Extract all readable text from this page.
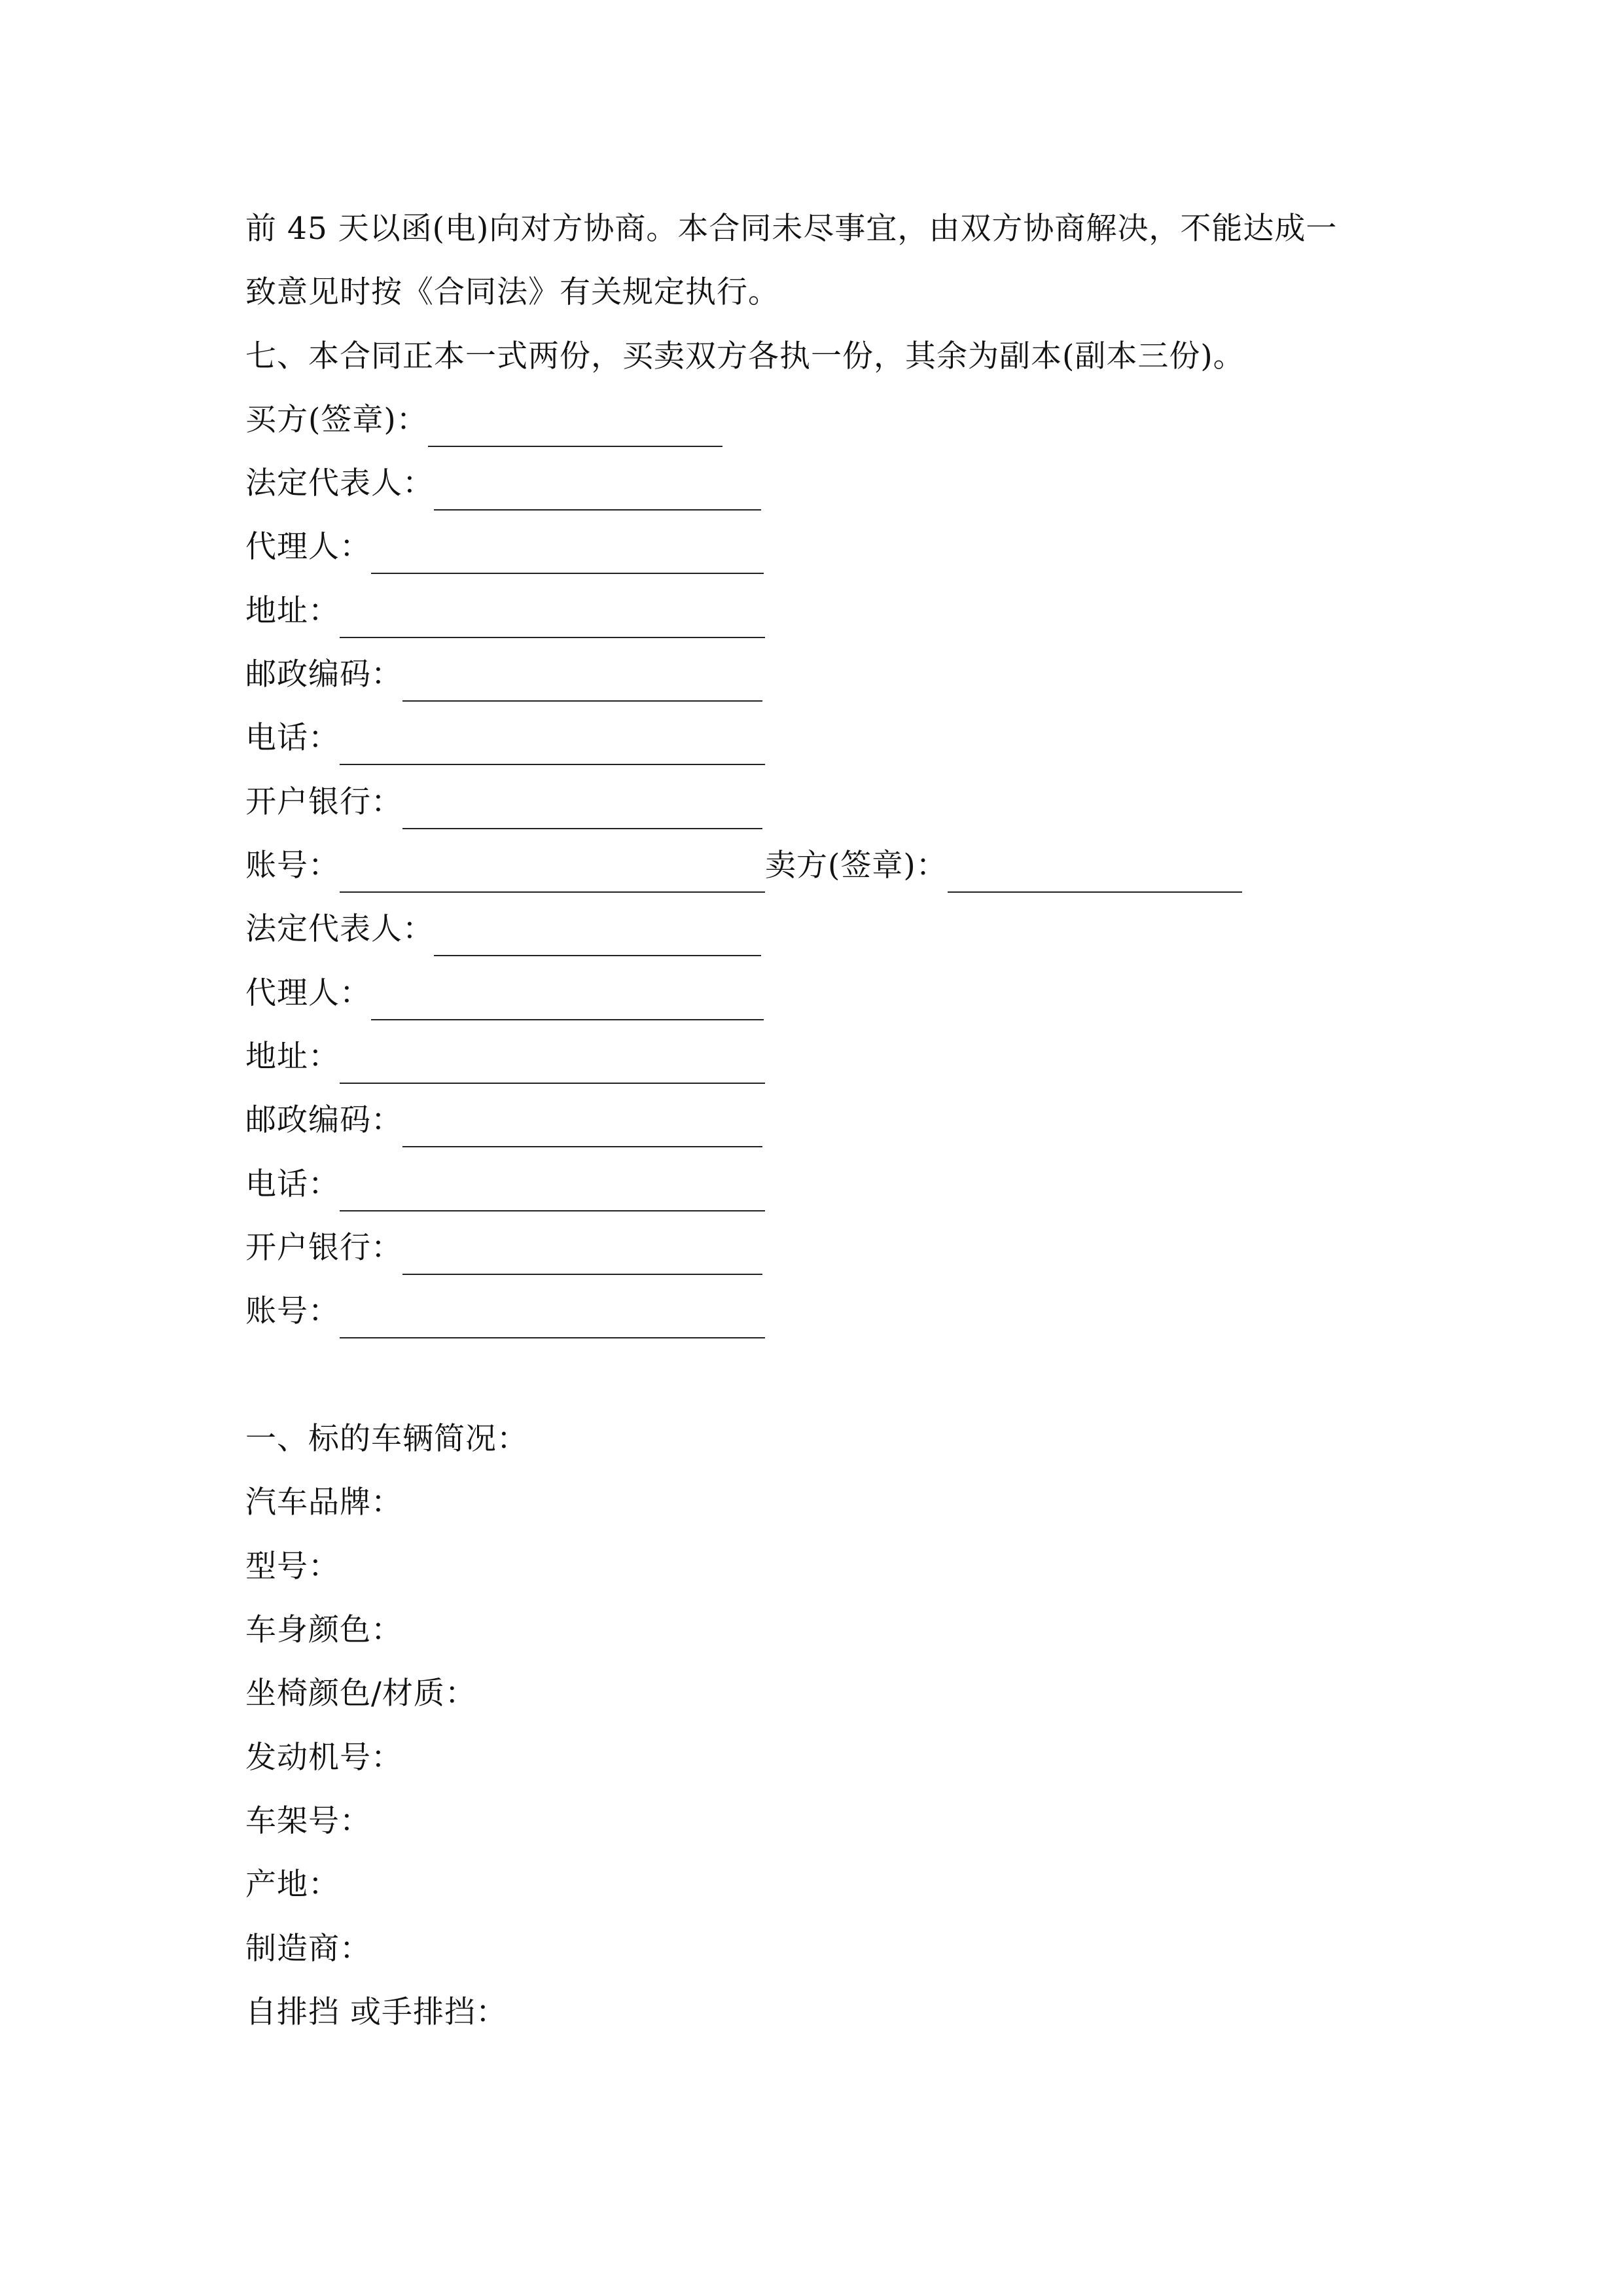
前 45 天以函(电)向对方协商。本合同未尽事宜，由双方协商解决，不能达成一
致意见时按《合同法》有关规定执行。
七、本合同正本一式两份，买卖双方各执一份，其余为副本(副本三份)。
买方(签章)：
法定代表人：
代理人：
地址：
邮政编码：
电话：
开户银行：
账号：	卖方(签章)：
法定代表人：
代理人：
地址：
邮政编码：
电话：
开户银行：
账号：
一、标的车辆简况：
汽车品牌：
型号：
车身颜色：
坐椅颜色/材质：
发动机号：
车架号：
产地：
制造商：
自排挡 或手排挡：
